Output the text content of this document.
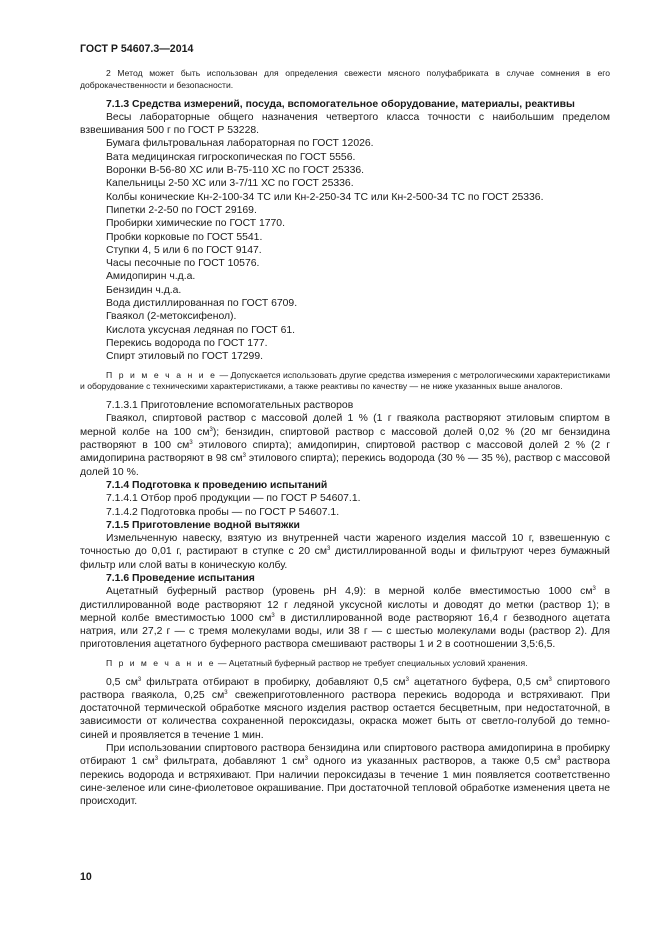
ГОСТ Р 54607.3—2014

2 Метод может быть использован для определения свежести мясного полуфабриката в случае сомнения в его доброкачественности и безопасности.

7.1.3 Средства измерений, посуда, вспомогательное оборудование, материалы, реактивы

Весы лабораторные общего назначения четвертого класса точности с наибольшим пределом взвешивания 500 г по ГОСТ Р 53228.

Бумага фильтровальная лабораторная по ГОСТ 12026.

Вата медицинская гигроскопическая по ГОСТ 5556.

Воронки В-56-80 ХС или В-75-110 ХС по ГОСТ 25336.

Капельницы 2-50 ХС или 3-7/11 ХС по ГОСТ 25336.

Колбы конические Кн-2-100-34 ТС или Кн-2-250-34 ТС или Кн-2-500-34 ТС по ГОСТ 25336.

Пипетки 2-2-50 по ГОСТ 29169.

Пробирки химические по ГОСТ 1770.

Пробки корковые по ГОСТ 5541.

Ступки 4, 5 или 6 по ГОСТ 9147.

Часы песочные по ГОСТ 10576.

Амидопирин ч.д.а.

Бензидин ч.д.а.

Вода дистиллированная по ГОСТ 6709.

Гваякол (2-метоксифенол).

Кислота уксусная ледяная по ГОСТ 61.

Перекись водорода по ГОСТ 177.

Спирт этиловый по ГОСТ 17299.

П р и м е ч а н и е — Допускается использовать другие средства измерения с метрологическими характеристиками и оборудование с техническими характеристиками, а также реактивы по качеству — не ниже указанных выше аналогов.

7.1.3.1 Приготовление вспомогательных растворов

Гваякол, спиртовой раствор с массовой долей 1 % (1 г гваякола растворяют этиловым спиртом в мерной колбе на 100 $см^3$); бензидин, спиртовой раствор с массовой долей 0,02 % (20 мг бензидина растворяют в 100 $см^3$ этилового спирта); амидопирин, спиртовой раствор с массовой долей 2 % (2 г амидопирина растворяют в 98 $см^3$ этилового спирта); перекись водорода (30 % — 35 %), раствор с массовой долей 10 %.

7.1.4 Подготовка к проведению испытаний

7.1.4.1 Отбор проб продукции — по ГОСТ Р 54607.1.

7.1.4.2 Подготовка пробы — по ГОСТ Р 54607.1.

7.1.5 Приготовление водной вытяжки

Измельченную навеску, взятую из внутренней части жареного изделия массой 10 г, взвешенную с точностью до 0,01 г, растирают в ступке с 20 $см^3$ дистиллированной воды и фильтруют через бумажный фильтр или слой ваты в коническую колбу.

7.1.6 Проведение испытания

Ацетатный буферный раствор (уровень pH 4,9): в мерной колбе вместимостью 1000 $см^3$ в дистиллированной воде растворяют 12 г ледяной уксусной кислоты и доводят до метки (раствор 1); в мерной колбе вместимостью 1000 $см^3$ в дистиллированной воде растворяют 16,4 г безводного ацетата натрия, или 27,2 г — с тремя молекулами воды, или 38 г — с шестью молекулами воды (раствор 2). Для приготовления ацетатного буферного раствора смешивают растворы 1 и 2 в соотношении 3,5:6,5.

П р и м е ч а н и е — Ацетатный буферный раствор не требует специальных условий хранения.

0,5 $см^3$ фильтрата отбирают в пробирку, добавляют 0,5 $см^3$ ацетатного буфера, 0,5 $см^3$ спиртового раствора гваякола, 0,25 $см^3$ свежеприготовленного раствора перекись водорода и встряхивают. При достаточной термической обработке мясного изделия раствор остается бесцветным, при недостаточной, в зависимости от количества сохраненной пероксидазы, окраска может быть от светло-голубой до темно-синей и проявляется в течение 1 мин.

При использовании спиртового раствора бензидина или спиртового раствора амидопирина в пробирку отбирают 1 $см^3$ фильтрата, добавляют 1 $см^3$ одного из указанных растворов, а также 0,5 $см^3$ раствора перекись водорода и встряхивают. При наличии пероксидазы в течение 1 мин появляется соответственно сине-зеленое или сине-фиолетовое окрашивание. При достаточной тепловой обработке изменения цвета не происходит.

10
